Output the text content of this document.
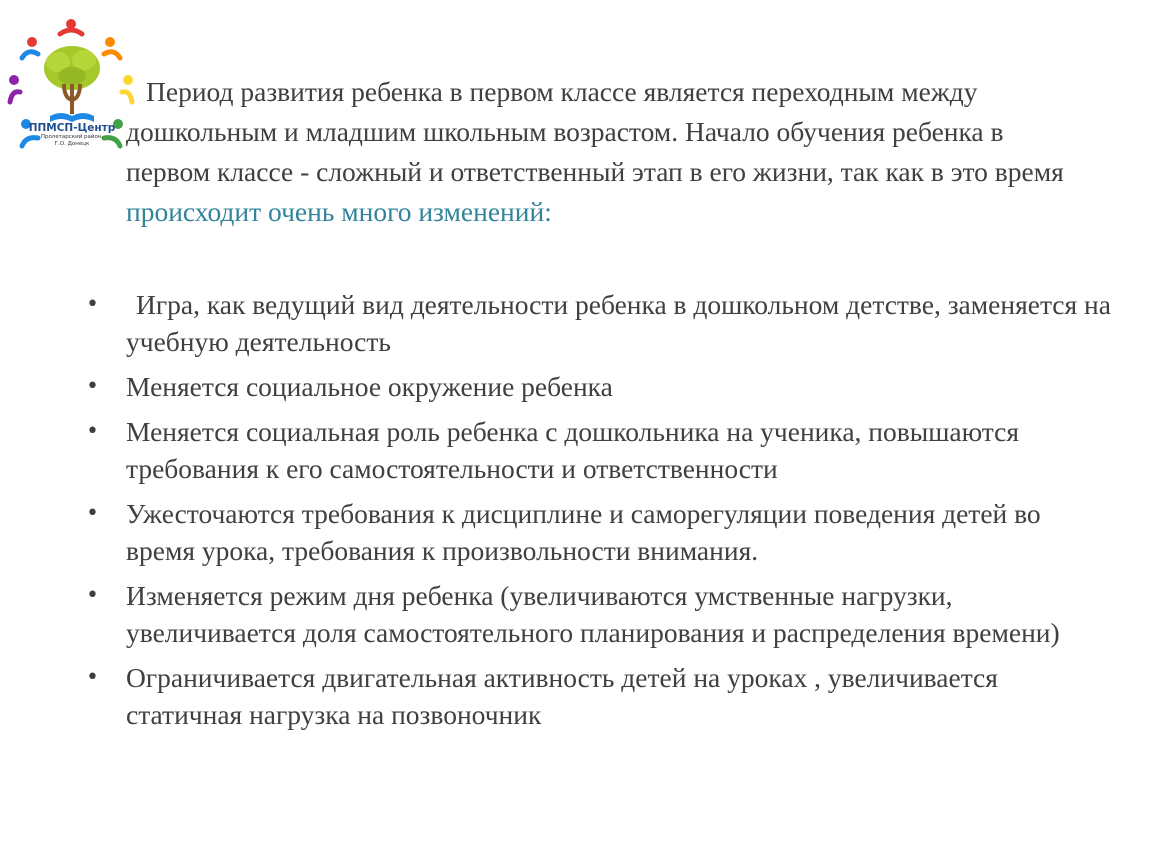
ППМСП-Центр
Пролетарский район,
Г.О. Донецк

Период развития ребенка в первом классе является переходным между дошкольным и младшим школьным возрастом. Начало обучения ребенка в первом классе - сложный и ответственный этап в его жизни, так как в это время происходит очень много изменений:

• Игра, как ведущий вид деятельности ребенка в дошкольном детстве, заменяется на учебную деятельность
• Меняется социальное окружение ребенка
• Меняется социальная роль ребенка с дошкольника на ученика, повышаются требования к его самостоятельности и ответственности
• Ужесточаются требования к дисциплине и саморегуляции поведения детей во время урока, требования к произвольности внимания.
• Изменяется режим дня ребенка (увеличиваются умственные нагрузки, увеличивается доля самостоятельного планирования и распределения времени)
• Ограничивается двигательная активность детей на уроках , увеличивается статичная нагрузка на позвоночник
